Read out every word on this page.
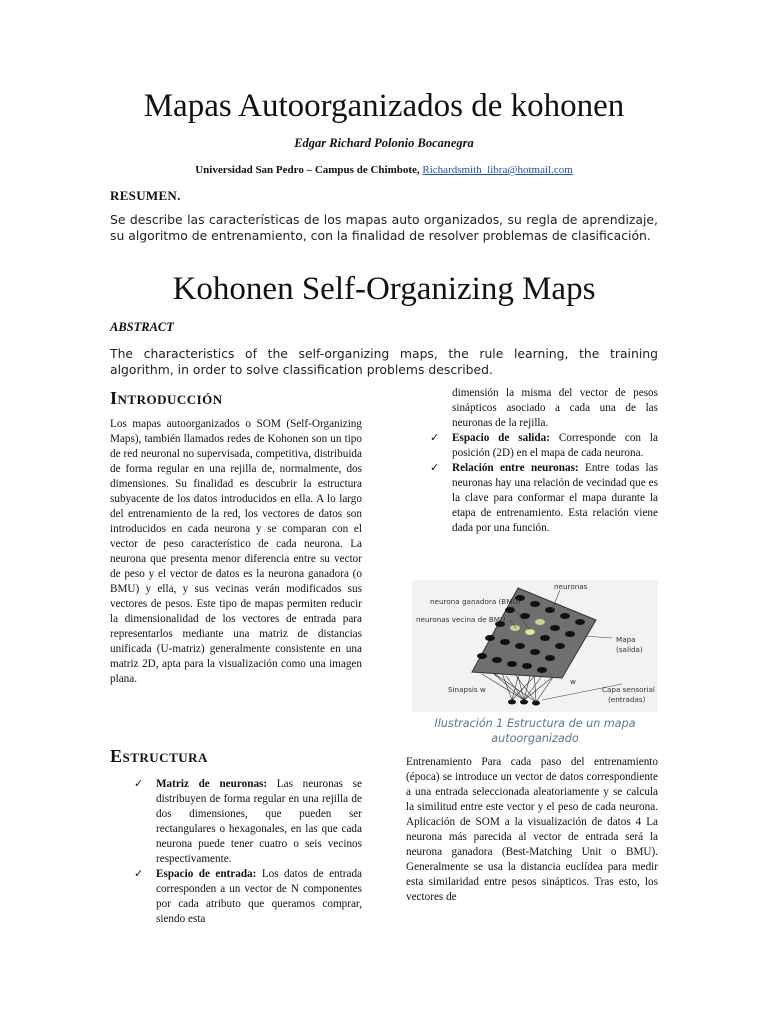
Mapas Autoorganizados de kohonen
Edgar Richard Polonio Bocanegra
Universidad San Pedro – Campus de Chimbote, Richardsmith_libra@hotmail.com
RESUMEN.
Se describe las características de los mapas auto organizados, su regla de aprendizaje, su algoritmo de entrenamiento, con la finalidad de resolver problemas de clasificación.
Kohonen Self-Organizing Maps
ABSTRACT
The characteristics of the self-organizing maps, the rule learning, the training algorithm, in order to solve classification problems described.
Introducción
Los mapas autoorganizados o SOM (Self-Organizing Maps), también llamados redes de Kohonen son un tipo de red neuronal no supervisada, competitiva, distribuida de forma regular en una rejilla de, normalmente, dos dimensiones. Su finalidad es descubrir la estructura subyacente de los datos introducidos en ella. A lo largo del entrenamiento de la red, los vectores de datos son introducidos en cada neurona y se comparan con el vector de peso característico de cada neurona. La neurona que presenta menor diferencia entre su vector de peso y el vector de datos es la neurona ganadora (o BMU) y ella, y sus vecinas verán modificados sus vectores de pesos. Este tipo de mapas permiten reducir la dimensionalidad de los vectores de entrada para representarlos mediante una matriz de distancias unificada (U-matriz) generalmente consistente en una matriz 2D, apta para la visualización como una imagen plana.
Estructura
✓ Matriz de neuronas: Las neuronas se distribuyen de forma regular en una rejilla de dos dimensiones, que pueden ser rectangulares o hexagonales, en las que cada neurona puede tener cuatro o seis vecinos respectivamente.
✓ Espacio de entrada: Los datos de entrada corresponden a un vector de N componentes por cada atributo que queramos comprar, siendo esta
dimensión la misma del vector de pesos sinápticos asociado a cada una de las neuronas de la rejilla.
✓ Espacio de salida: Corresponde con la posición (2D) en el mapa de cada neurona.
✓ Relación entre neuronas: Entre todas las neuronas hay una relación de vecindad que es la clave para conformar el mapa durante la etapa de entrenamiento. Esta relación viene dada por una función.
neuronas
neurona ganadora (BMU)
neuronas vecina de BMU
Mapa
(salida)
Sinapsis w
w
Capa sensorial
(entradas)
Ilustración 1 Estructura de un mapa autoorganizado
Entrenamiento Para cada paso del entrenamiento (época) se introduce un vector de datos correspondiente a una entrada seleccionada aleatoriamente y se calcula la similitud entre este vector y el peso de cada neurona. Aplicación de SOM a la visualización de datos 4 La neurona más parecida al vector de entrada será la neurona ganadora (Best-Matching Unit o BMU). Generalmente se usa la distancia euclídea para medir esta similaridad entre pesos sinápticos. Tras esto, los vectores de
